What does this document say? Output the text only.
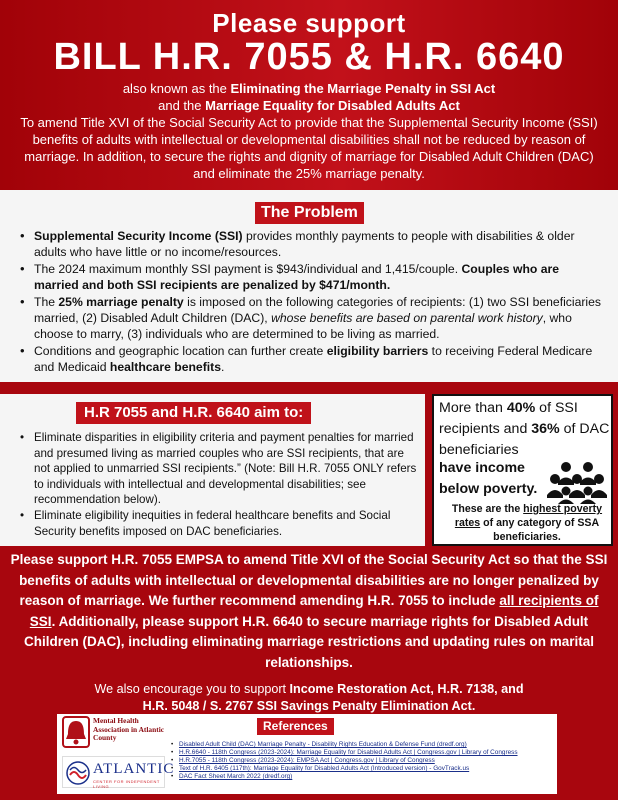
Please support
BILL H.R. 7055 & H.R. 6640
also known as the Eliminating the Marriage Penalty in SSI Act
and the Marriage Equality for Disabled Adults Act
To amend Title XVI of the Social Security Act to provide that the Supplemental Security Income (SSI) benefits of adults with intellectual or developmental disabilities shall not be reduced by reason of marriage. In addition, to secure the rights and dignity of marriage for Disabled Adult Children (DAC) and eliminate the 25% marriage penalty.
The Problem
• Supplemental Security Income (SSI) provides monthly payments to people with disabilities & older adults who have little or no income/resources.
• The 2024 maximum monthly SSI payment is $943/individual and 1,415/couple. Couples who are married and both SSI recipients are penalized by $471/month.
• The 25% marriage penalty is imposed on the following categories of recipients: (1) two SSI beneficiaries married, (2) Disabled Adult Children (DAC), whose benefits are based on parental work history, who choose to marry, (3) individuals who are determined to be living as married.
• Conditions and geographic location can further create eligibility barriers to receiving Federal Medicare and Medicaid healthcare benefits.
H.R 7055 and H.R. 6640 aim to:
• Eliminate disparities in eligibility criteria and payment penalties for married and presumed living as married couples who are SSI recipients, that are not applied to unmarried SSI recipients.” (Note: Bill H.R. 7055 ONLY refers to individuals with intellectual and developmental disabilities; see recommendation below).
• Eliminate eligibility inequities in federal healthcare benefits and Social Security benefits imposed on DAC beneficiaries.
More than 40% of SSI recipients and 36% of DAC beneficiaries
have income below poverty.
These are the highest poverty rates of any category of SSA beneficiaries.
Please support H.R. 7055 EMPSA to amend Title XVI of the Social Security Act so that the SSI benefits of adults with intellectual or developmental disabilities are no longer penalized by reason of marriage. We further recommend amending H.R. 7055 to include all recipients of SSI. Additionally, please support H.R. 6640 to secure marriage rights for Disabled Adult Children (DAC), including eliminating marriage restrictions and updating rules on marital relationships.
We also encourage you to support Income Restoration Act, H.R. 7138, and
H.R. 5048 / S. 2767 SSI Savings Penalty Elimination Act.
Mental Health Association in Atlantic County
ATLANTIC
CENTER FOR INDEPENDENT LIVING
References
• Disabled Adult Child (DAC) Marriage Penalty - Disability Rights Education & Defense Fund (dredf.org)
• H.R.6640 - 118th Congress (2023-2024): Marriage Equality for Disabled Adults Act | Congress.gov | Library of Congress
• H.R.7055 - 118th Congress (2023-2024): EMPSA Act | Congress.gov | Library of Congress
• Text of H.R. 6405 (117th): Marriage Equality for Disabled Adults Act (Introduced version) - GovTrack.us
• DAC Fact Sheet March 2022 (dredf.org)
